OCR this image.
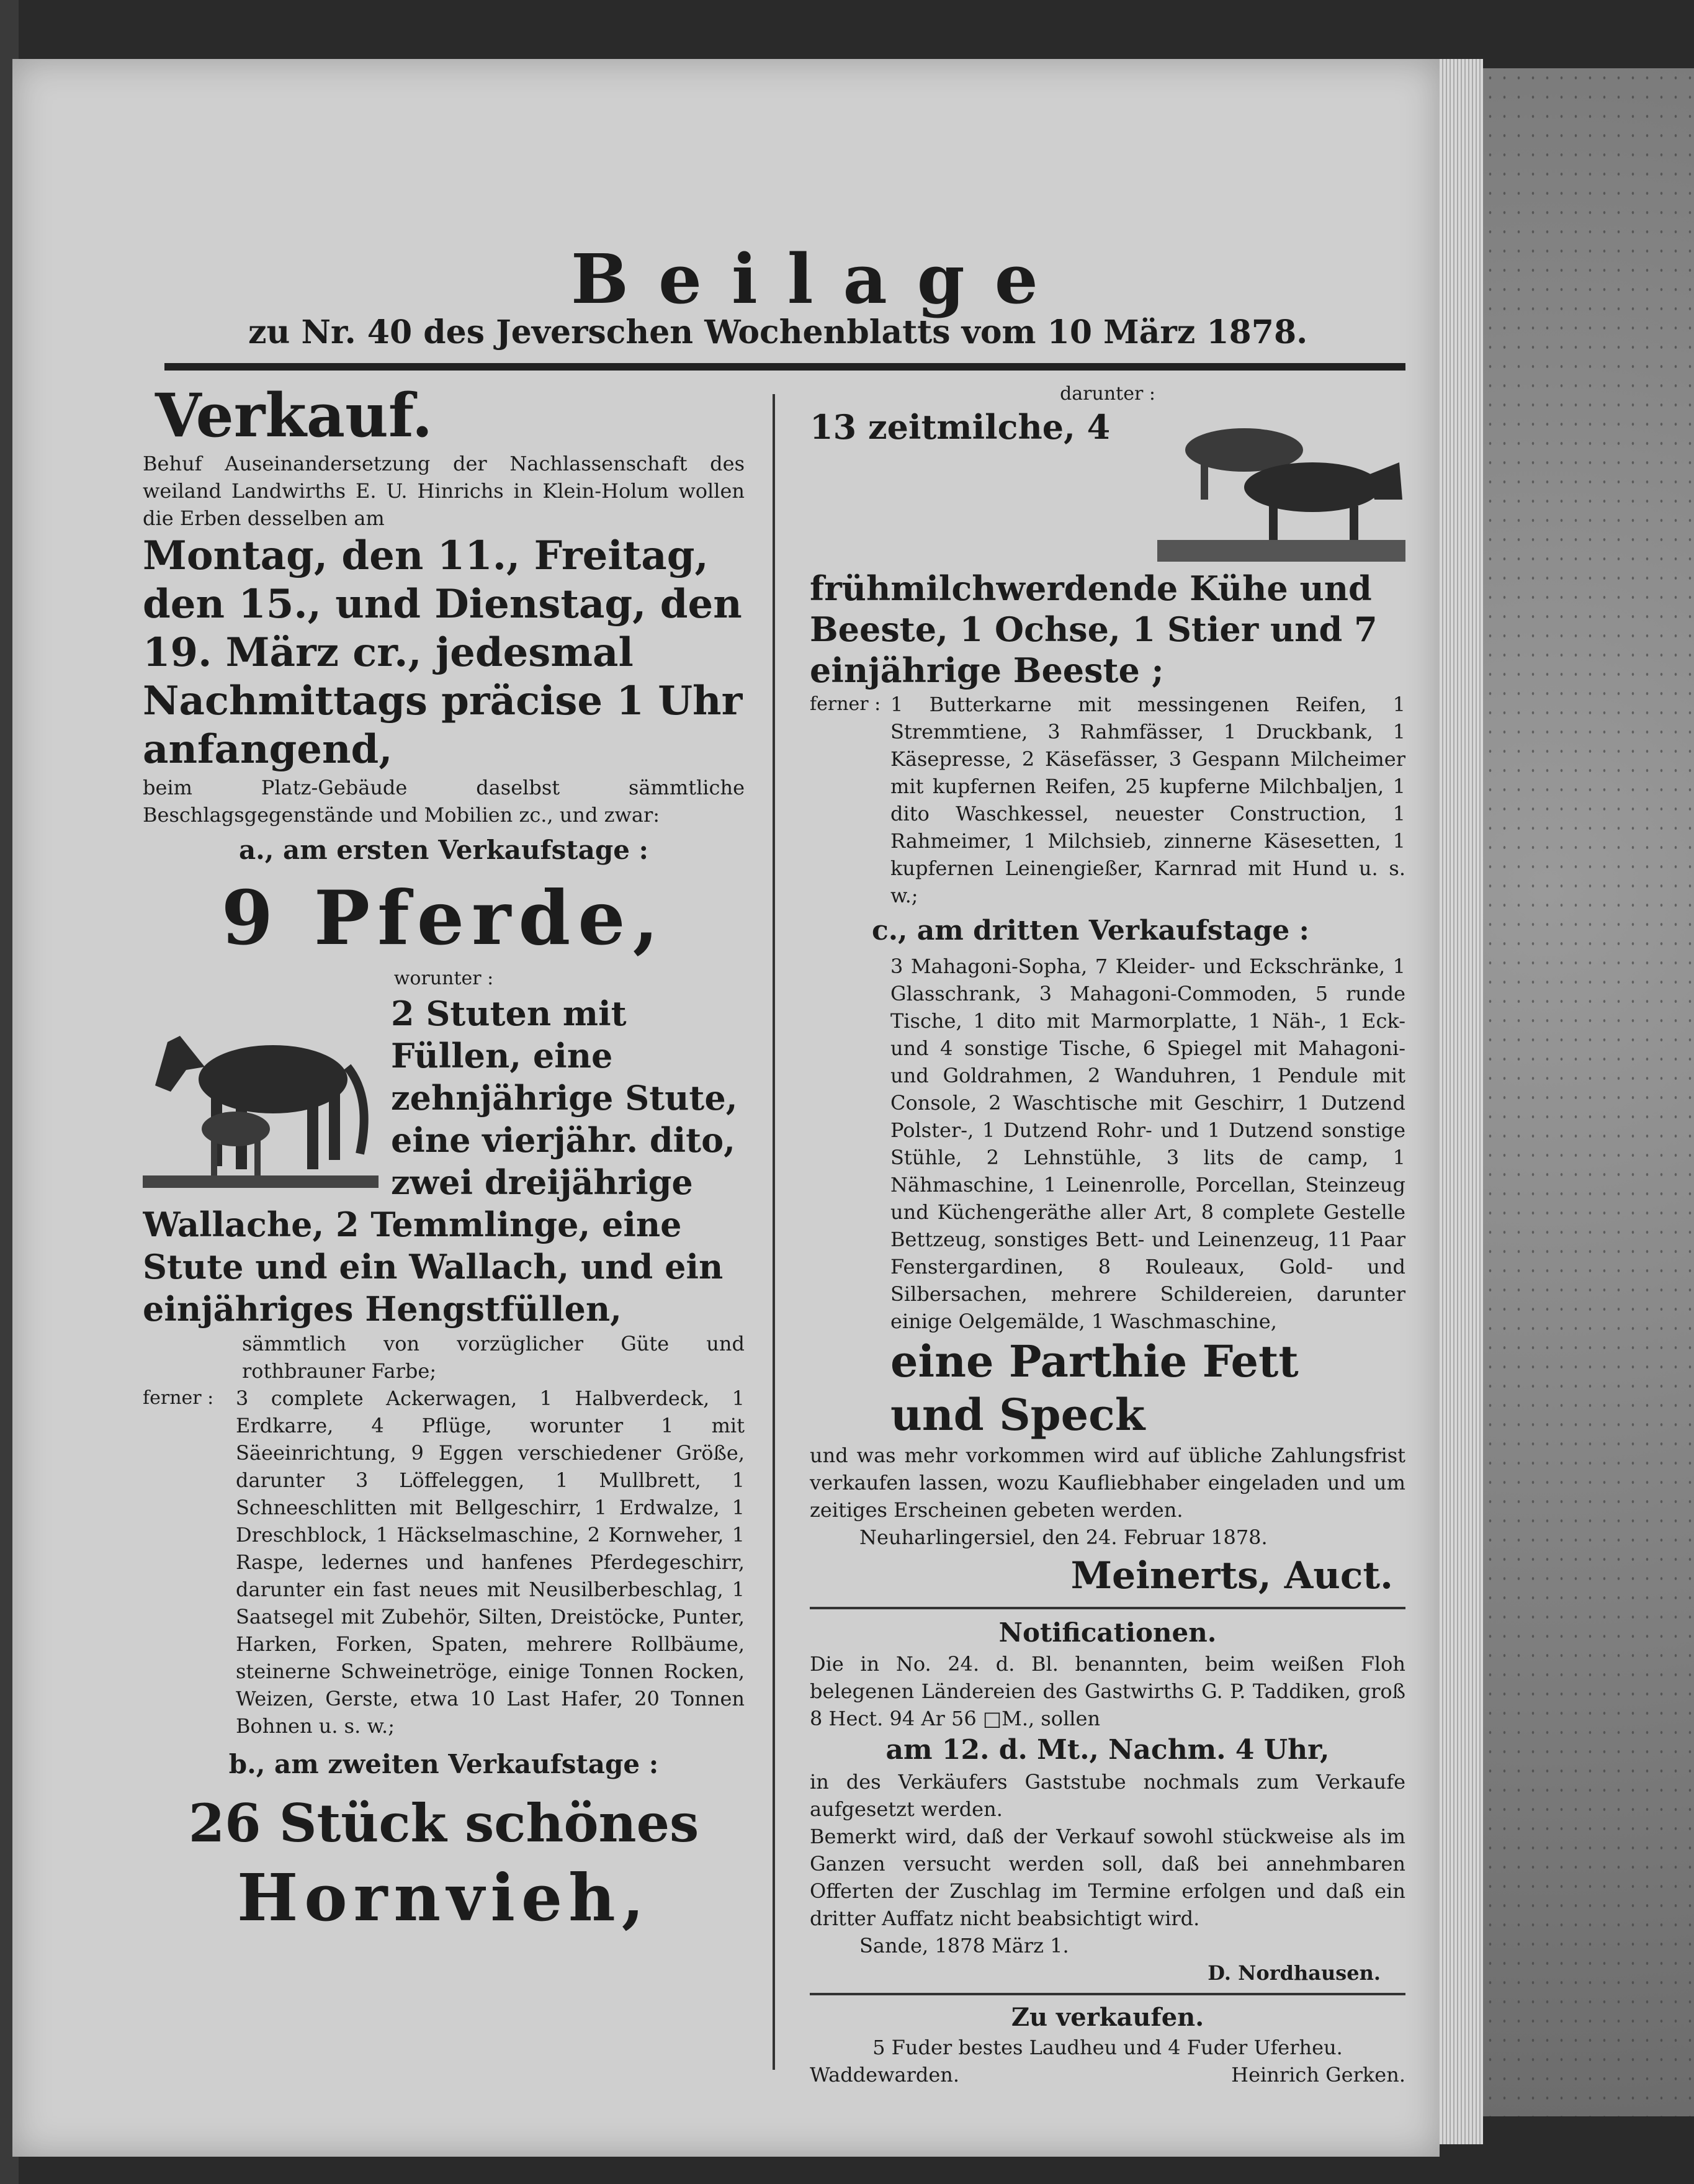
Beilage
zu Nr. 40 des Jeverschen Wochenblatts vom 10 März 1878.
Verkauf.
Behuf Auseinandersetzung der Nachlassenschaft des weiland Landwirths E. U. Hinrichs in Klein-Holum wollen die Erben desselben am
Montag, den 11., Freitag, den 15., und Dienstag, den 19. März cr., jedesmal Nachmittags präcise 1 Uhr anfangend,
beim Platz-Gebäude daselbst sämmtliche Beschlagsgegenstände und Mobilien zc., und zwar:
a., am ersten Verkaufstage :
9 Pferde,
worunter :
2 Stuten mit Füllen, eine zehnjährige Stute, eine vierjähr. dito, zwei dreijährige Wallache, 2 Temmlinge, eine Stute und ein Wallach, und ein einjähriges Hengstfüllen,
sämmtlich von vorzüglicher Güte und rothbrauner Farbe;
ferner :	3 complete Ackerwagen, 1 Halbverdeck, 1 Erdkarre, 4 Pflüge, worunter 1 mit Säeeinrichtung, 9 Eggen verschiedener Größe, darunter 3 Löffeleggen, 1 Mullbrett, 1 Schneeschlitten mit Bellgeschirr, 1 Erdwalze, 1 Dreschblock, 1 Häckselmaschine, 2 Kornweher, 1 Raspe, ledernes und hanfenes Pferdegeschirr, darunter ein fast neues mit Neusilberbeschlag, 1 Saatsegel mit Zubehör, Silten, Dreistöcke, Punter, Harken, Forken, Spaten, mehrere Rollbäume, steinerne Schweinetröge, einige Tonnen Rocken, Weizen, Gerste, etwa 10 Last Hafer, 20 Tonnen Bohnen u. s. w.;
b., am zweiten Verkaufstage :
26 Stück schönes
Hornvieh,
darunter :
13 zeitmilche, 4 frühmilchwerdende Kühe und Beeste, 1 Ochse, 1 Stier und 7 einjährige Beeste ;
ferner : 1 Butterkarne mit messingenen Reifen, 1 Stremmtiene, 3 Rahmfässer, 1 Druckbank, 1 Käsepresse, 2 Käsefässer, 3 Gespann Milcheimer mit kupfernen Reifen, 25 kupferne Milchbaljen, 1 dito Waschkessel, neuester Construction, 1 Rahmeimer, 1 Milchsieb, zinnerne Käsesetten, 1 kupfernen Leinengießer, Karnrad mit Hund u. s. w.;
c., am dritten Verkaufstage :
3 Mahagoni-Sopha, 7 Kleider- und Eckschränke, 1 Glasschrank, 3 Mahagoni-Commoden, 5 runde Tische, 1 dito mit Marmorplatte, 1 Näh-, 1 Eck- und 4 sonstige Tische, 6 Spiegel mit Mahagoni- und Goldrahmen, 2 Wanduhren, 1 Pendule mit Console, 2 Waschtische mit Geschirr, 1 Dutzend Polster-, 1 Dutzend Rohr- und 1 Dutzend sonstige Stühle, 2 Lehnstühle, 3 lits de camp, 1 Nähmaschine, 1 Leinenrolle, Porcellan, Steinzeug und Küchengeräthe aller Art, 8 complete Gestelle Bettzeug, sonstiges Bett- und Leinenzeug, 11 Paar Fenstergardinen, 8 Rouleaux, Gold- und Silbersachen, mehrere Schildereien, darunter einige Oelgemälde, 1 Waschmaschine,
eine Parthie Fett und Speck
und was mehr vorkommen wird auf übliche Zahlungsfrist verkaufen lassen, wozu Kaufliebhaber eingeladen und um zeitiges Erscheinen gebeten werden.
Neuharlingersiel, den 24. Februar 1878.
Meinerts, Auct.
Notificationen.
Die in No. 24. d. Bl. benannten, beim weißen Floh belegenen Ländereien des Gastwirths G. P. Taddiken, groß 8 Hect. 94 Ar 56 □M., sollen
am 12. d. Mt., Nachm. 4 Uhr,
in des Verkäufers Gaststube nochmals zum Verkaufe aufgesetzt werden.
Bemerkt wird, daß der Verkauf sowohl stückweise als im Ganzen versucht werden soll, daß bei annehmbaren Offerten der Zuschlag im Termine erfolgen und daß ein dritter Auffatz nicht beabsichtigt wird.
Sande, 1878 März 1.
D. Nordhausen.
Zu verkaufen.
5 Fuder bestes Laudheu und 4 Fuder Uferheu.
Waddewarden.	Heinrich Gerken.
